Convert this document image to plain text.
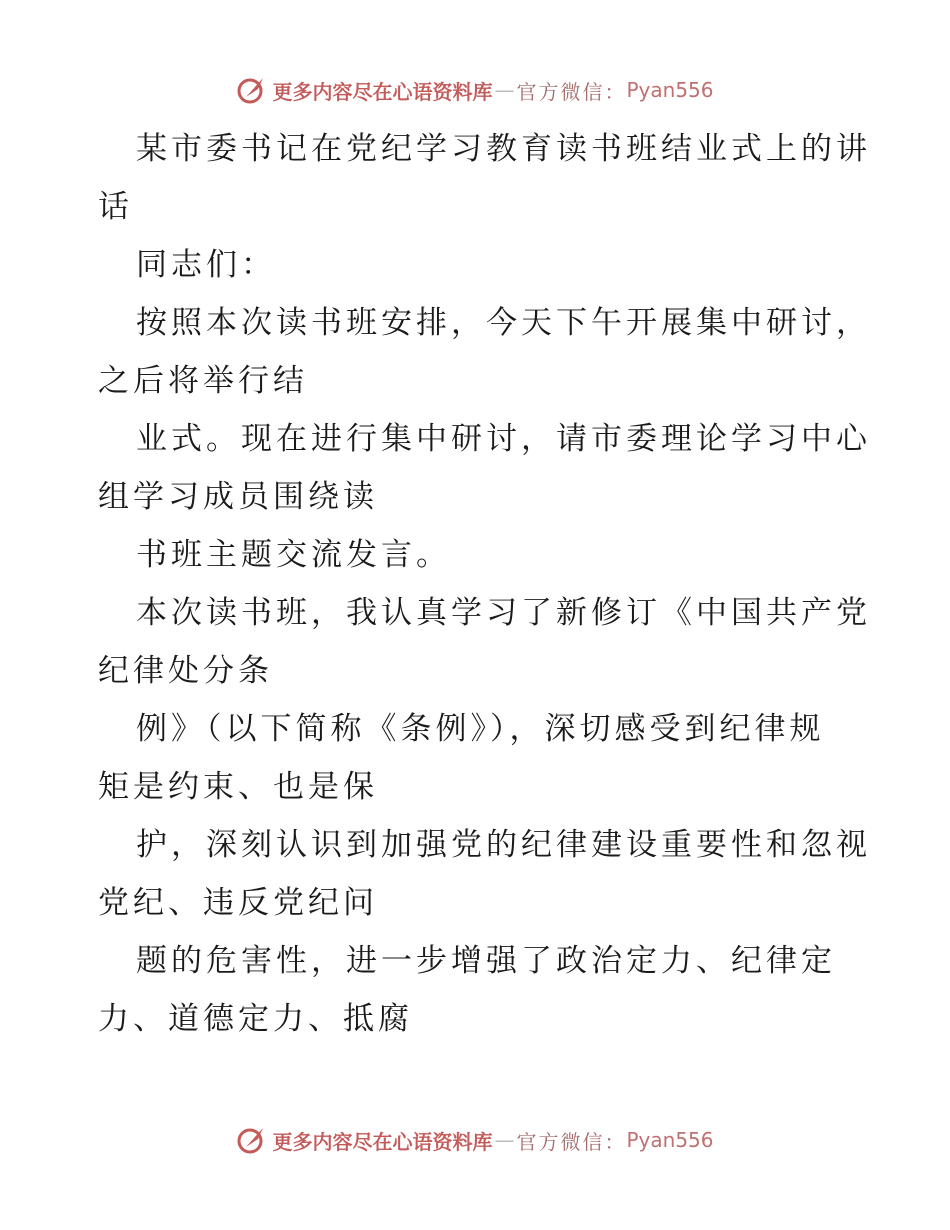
更多内容尽在心语资料库 — 官方微信： Pyan556
某市委书记在党纪学习教育读书班结业式上的讲
话
同志们：
按照本次读书班安排，今天下午开展集中研讨，
之后将举行结
业式。现在进行集中研讨，请市委理论学习中心
组学习成员围绕读
书班主题交流发言。
本次读书班，我认真学习了新修订《中国共产党
纪律处分条
例》（以下简称《条例》），深切感受到纪律规
矩是约束、也是保
护，深刻认识到加强党的纪律建设重要性和忽视
党纪、违反党纪问
题的危害性，进一步增强了政治定力、纪律定
力、道德定力、抵腐
更多内容尽在心语资料库 — 官方微信： Pyan556
